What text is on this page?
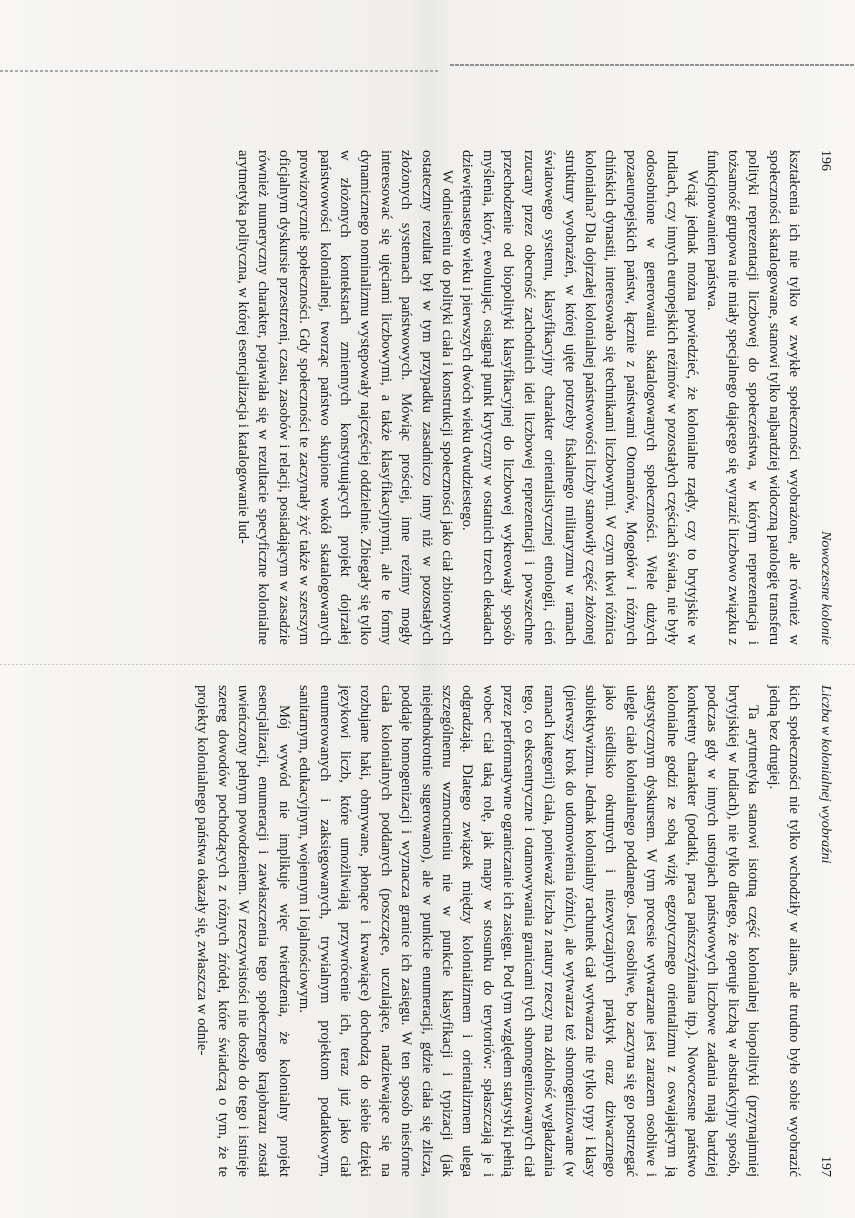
196
Nowoczesne kolonie

kształcenia ich nie tylko w zwykłe społeczności wyobrażone, ale również w społeczności skatalogowane, stanowi tylko najbardziej widoczną patologię transferu polityki reprezentacji liczbowej do społeczeństwa, w którym reprezentacja i tożsamość grupowa nie miały specjalnego dającego się wyrazić liczbowo związku z funkcjonowaniem państwa.

Wciąż jednak można powiedzieć, że kolonialne rządy, czy to brytyjskie w Indiach, czy innych europejskich reżimów w pozostałych częściach świata, nie były odosobnione w generowaniu skatalogowanych społeczności. Wiele dużych pozaeuropejskich państw, łącznie z państwami Otomanów, Mogołów i różnych chińskich dynastii, interesowało się technikami liczbowymi. W czym tkwi różnica kolonialna? Dla dojrzałej kolonialnej państwowości liczby stanowiły część złożonej struktury wyobrażeń, w której ujęte potrzeby fiskalnego militaryzmu w ramach światowego systemu, klasyfikacyjny charakter orientalistycznej etnologii, cień rzucany przez obecność zachodnich idei liczbowej reprezentacji i powszechne przechodzenie od biopolityki klasyfikacyjnej do liczbowej wykreowały sposób myślenia, który, ewoluując, osiągnął punkt krytyczny w ostatnich trzech dekadach dziewiętnastego wieku i pierwszych dwóch wieku dwudziestego.

W odniesieniu do polityki ciała i konstrukcji społeczności jako ciał zbiorowych ostateczny rezultat był w tym przypadku zasadniczo inny niż w pozostałych złożonych systemach państwowych. Mówiąc prościej, inne reżimy mogły interesować się ujęciami liczbowymi, a także klasyfikacyjnymi, ale te formy dynamicznego nominalizmu występowały najczęściej oddzielnie. Zbiegały się tylko w złożonych kontekstach zmiennych konstytuujących projekt dojrzałej państwowości kolonialnej, tworząc państwo skupione wokół skatalogowanych prowizorycznie społeczności. Gdy społeczności te zaczynały żyć także w szerszym oficjalnym dyskursie przestrzeni, czasu, zasobów i relacji, posiadającym w zasadzie również numeryczny charakter, pojawiała się w rezultacie specyficzne kolonialne arytmetyka polityczna, w której esencjalizacja i katalogowanie lud-

Liczba w kolonialnej wyobraźni
197

kich społeczności nie tylko wchodziły w alians, ale trudno było sobie wyobrazić jedną bez drugiej.

Ta arytmetyka stanowi istotną część kolonialnej biopolityki (przynajmniej brytyjskiej w Indiach), nie tylko dlatego, że operuje liczbą w abstrakcyjny sposób, podczas gdy w innych ustrojach państwowych liczbowe zadania mają bardziej konkretny charakter (podatki, praca pańszczyźniana itp.). Nowoczesne państwo kolonialne godzi ze sobą wizję egzotycznego orientalizmu z oswajającym ją statystycznym dyskursem. W tym procesie wytwarzane jest zarazem osobliwe i ulegle ciało kolonialnego poddanego. Jest osobliwe, bo zaczyna się go postrzegać jako siedlisko okrutnych i niezwyczajnych praktyk oraz dziwacznego subiektywizmu. Jednak kolonialny rachunek ciał wytwarza nie tylko typy i klasy (pierwszy krok do udomowienia różnic), ale wytwarza też shomogenizowane (w ramach kategorii) ciała, ponieważ liczba z natury rzeczy ma zdolność wygładzania tego, co ekscentryczne i otamowywania granicami tych shomogenizowanych ciał przez performatywne ograniczanie ich zasięgu. Pod tym względem statystyki pełnią wobec ciał taką rolę, jak mapy w stosunku do terytoriów: spłaszczają je i odgradzają. Dlatego związek między kolonializmem i orientalizmem ulega szczególnemu wzmocnieniu nie w punkcie klasyfikacji i typizacji (jak niejednokrotnie sugerowano), ale w punkcie enumeracji, gdzie ciała się zlicza, poddaje homogenizacji i wyznacza granice ich zasięgu. W ten sposób niesforne ciała kolonialnych poddanych (poszczące, uczulające, nadziewające się na rozbujane haki, obmywane, płonące i krwawiące) dochodzą do siebie dzięki językowi liczb, które umożliwiają przywrócenie ich, teraz już jako ciał enumerowanych i zaksięgowanych, trywialnym projektom podatkowym, sanitarnym, edukacyjnym, wojennym i lojalnościowym.

Mój wywód nie implikuje więc twierdzenia, że kolonialny projekt esencjalizacji, enumeracji i zawłaszczenia tego społecznego krajobrazu został uwieńczony pełnym powodzeniem. W rzeczywistości nie doszło do tego i istnieje szereg dowodów pochodzących z różnych źródeł, które świadczą o tym, że te projekty kolonialnego państwa okazały się, zwłaszcza w odnie-
